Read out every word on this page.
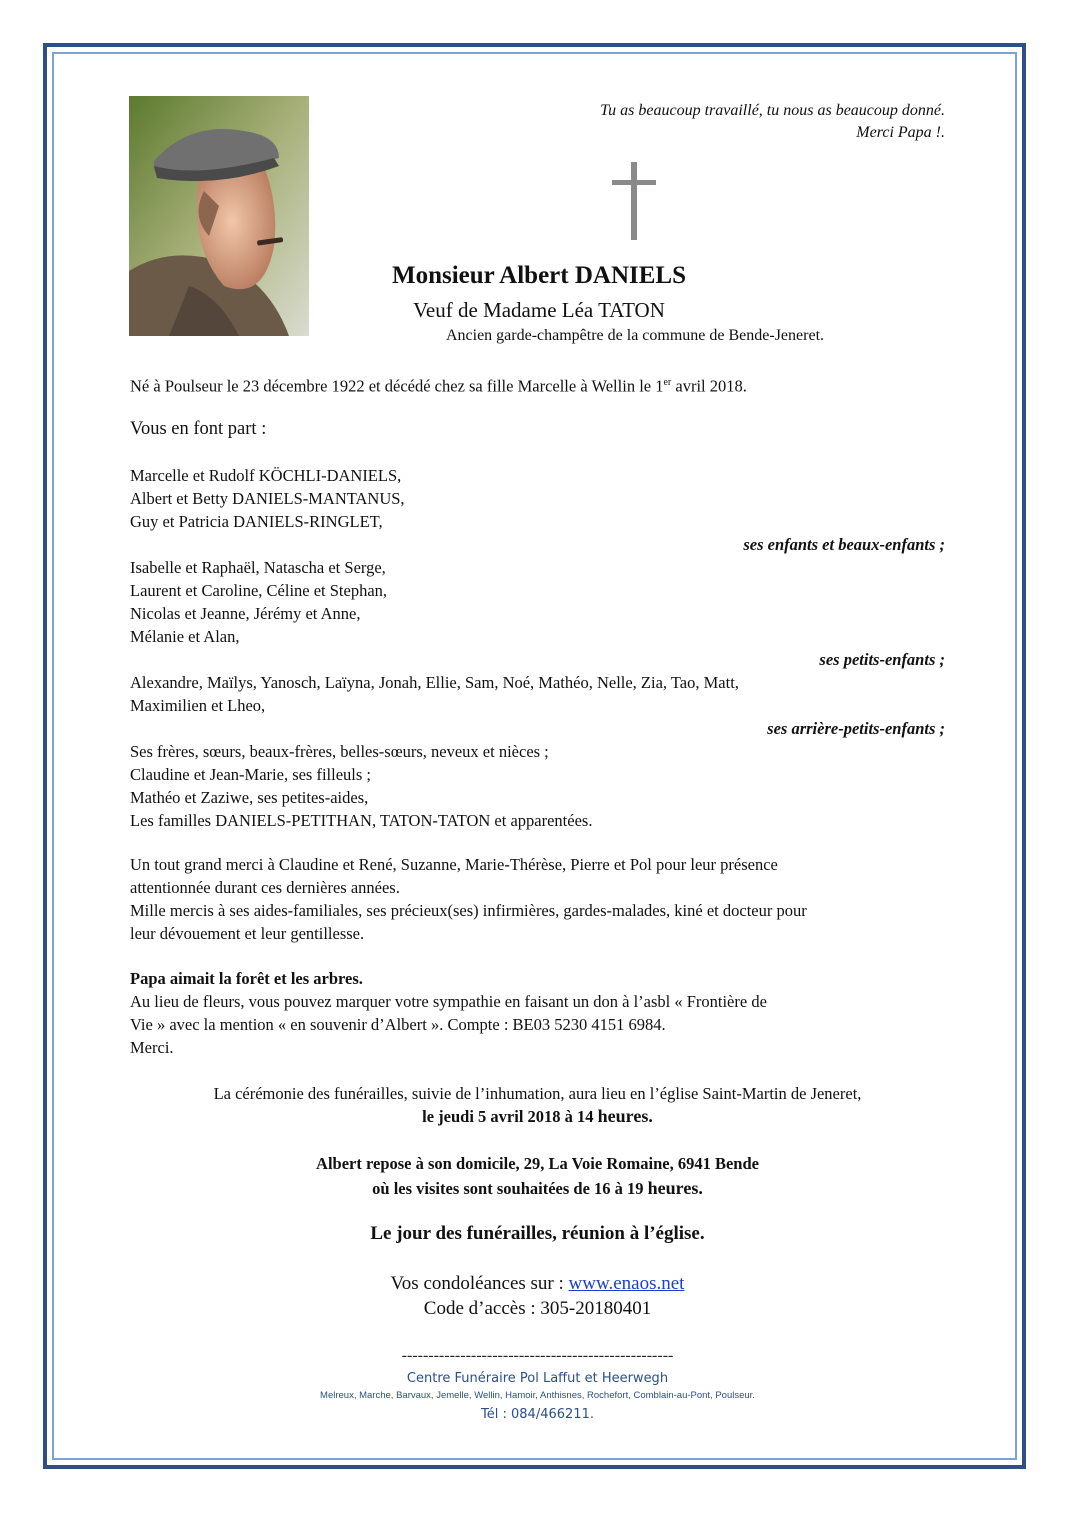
Tu as beaucoup travaillé, tu nous as beaucoup donné.
Merci Papa !.
Monsieur Albert DANIELS
Veuf de Madame Léa TATON
Ancien garde-champêtre de la commune de Bende-Jeneret.
Né à Poulseur le 23 décembre 1922 et décédé chez sa fille Marcelle à Wellin le 1er avril 2018.
Vous en font part :
Marcelle et Rudolf KÖCHLI-DANIELS,
Albert et Betty DANIELS-MANTANUS,
Guy et Patricia DANIELS-RINGLET,
ses enfants et beaux-enfants ;
Isabelle et Raphaël, Natascha et Serge,
Laurent et Caroline, Céline et Stephan,
Nicolas et Jeanne, Jérémy et Anne,
Mélanie et Alan,
ses petits-enfants ;
Alexandre, Maïlys, Yanosch, Laïyna, Jonah, Ellie, Sam, Noé, Mathéo, Nelle, Zia, Tao, Matt,
Maximilien et Lheo,
ses arrière-petits-enfants ;
Ses frères, sœurs, beaux-frères, belles-sœurs, neveux et nièces ;
Claudine et Jean-Marie, ses filleuls ;
Mathéo et Zaziwe, ses petites-aides,
Les familles DANIELS-PETITHAN, TATON-TATON et apparentées.
Un tout grand merci à Claudine et René, Suzanne, Marie-Thérèse, Pierre et Pol pour leur présence
attentionnée durant ces dernières années.
Mille mercis à ses aides-familiales, ses précieux(ses) infirmières, gardes-malades, kiné et docteur pour
leur dévouement et leur gentillesse.
Papa aimait la forêt et les arbres.
Au lieu de fleurs, vous pouvez marquer votre sympathie en faisant un don à l’asbl « Frontière de
Vie » avec la mention « en souvenir d’Albert ». Compte : BE03 5230 4151 6984.
Merci.
La cérémonie des funérailles, suivie de l’inhumation, aura lieu en l’église Saint-Martin de Jeneret,
le jeudi 5 avril 2018 à 14 heures.
Albert repose à son domicile, 29, La Voie Romaine, 6941 Bende
où les visites sont souhaitées de 16 à 19 heures.
Le jour des funérailles, réunion à l’église.
Vos condoléances sur : www.enaos.net
Code d’accès : 305-20180401
---------------------------------------------------
Centre Funéraire Pol Laffut et Heerwegh
Melreux, Marche, Barvaux, Jemelle, Wellin, Hamoir, Anthisnes, Rochefort, Comblain-au-Pont, Poulseur.
Tél : 084/466211.
